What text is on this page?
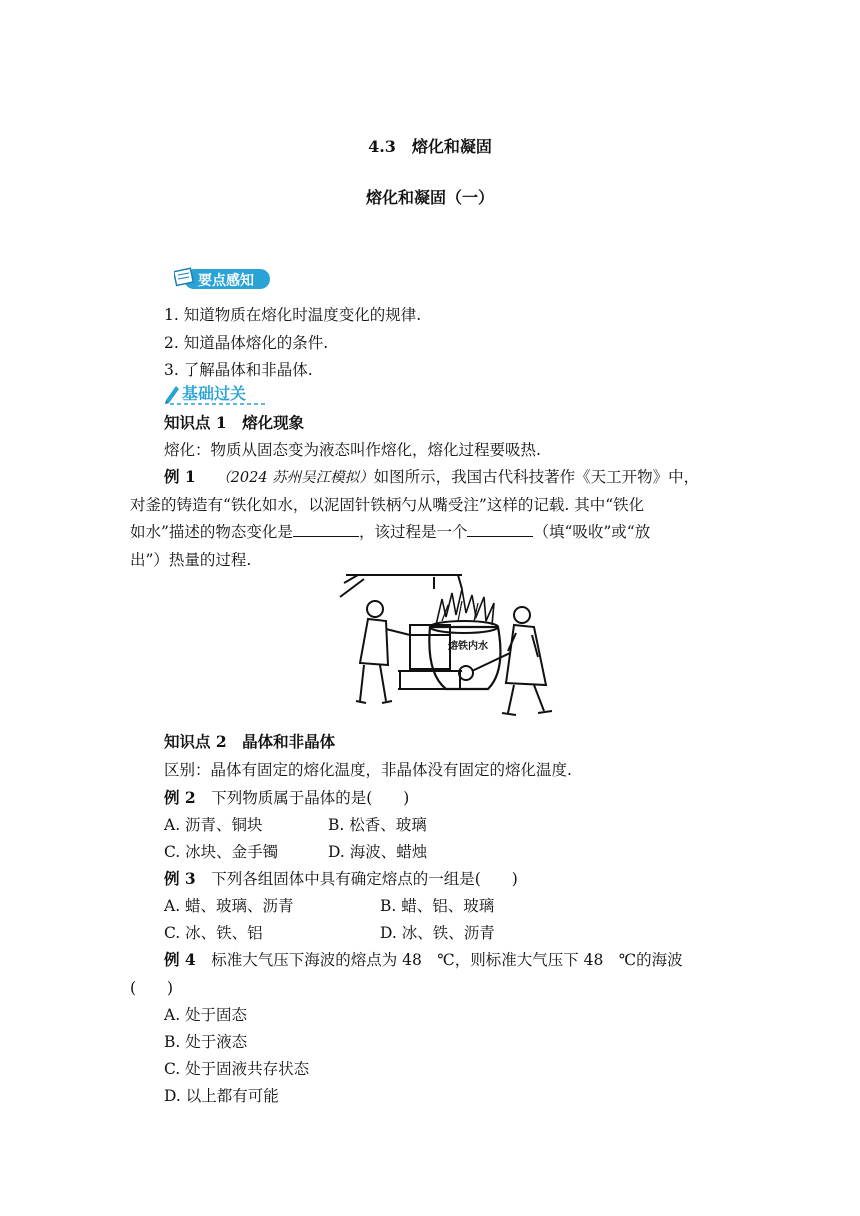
4.3　熔化和凝固
熔化和凝固（一）
要点感知
1. 知道物质在熔化时温度变化的规律.
2. 知道晶体熔化的条件.
3. 了解晶体和非晶体.
基础过关
知识点 1　熔化现象
熔化：物质从固态变为液态叫作熔化，熔化过程要吸热.
例 1　 （2024 苏州吴江模拟）如图所示，我国古代科技著作《天工开物》中，
对釜的铸造有“铁化如水，以泥固针铁柄勺从嘴受注”这样的记载. 其中“铁化
如水”描述的物态变化是	，该过程是一个	（填“吸收”或“放
出”）热量的过程.
熔铁内水
知识点 2　晶体和非晶体
区别：晶体有固定的熔化温度，非晶体没有固定的熔化温度.
例 2　 下列物质属于晶体的是(　　)
A. 沥青、铜块	B. 松香、玻璃
C. 冰块、金手镯	D. 海波、蜡烛
例 3　 下列各组固体中具有确定熔点的一组是(　　)
A. 蜡、玻璃、沥青	B. 蜡、铝、玻璃
C. 冰、铁、铝	D. 冰、铁、沥青
例 4　 标准大气压下海波的熔点为 48　℃，则标准大气压下 48　℃的海波
(　　)
A. 处于固态
B. 处于液态
C. 处于固液共存状态
D. 以上都有可能
